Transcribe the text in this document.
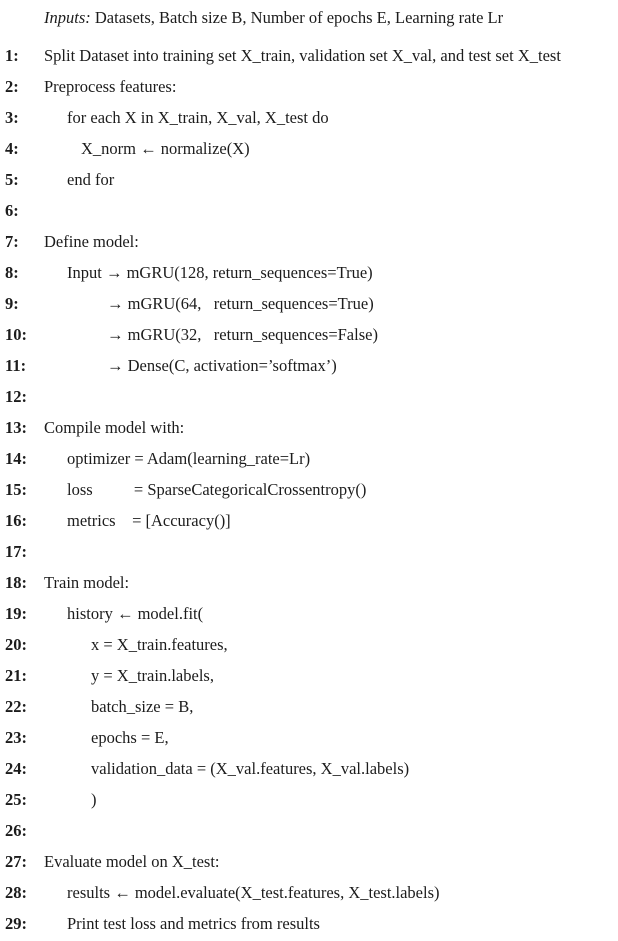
Inputs: Datasets, Batch size B, Number of epochs E, Learning rate Lr
1: Split Dataset into training set X_train, validation set X_val, and test set X_test
2: Preprocess features:
3:	for each X in X_train, X_val, X_test do
4:	X_norm ← normalize(X)
5:	end for
6:
7: Define model:
8:	Input → mGRU(128, return_sequences=True)
9:	→ mGRU(64,   return_sequences=True)
10:	→ mGRU(32,   return_sequences=False)
11:	→ Dense(C, activation=’softmax’)
12:
13: Compile model with:
14: optimizer = Adam(learning_rate=Lr)
15: loss          = SparseCategoricalCrossentropy()
16: metrics    = [Accuracy()]
17:
18: Train model:
19: history ← model.fit(
20:	x = X_train.features,
21:	y = X_train.labels,
22:	batch_size = B,
23:	epochs = E,
24:	validation_data = (X_val.features, X_val.labels)
25:	)
26:
27: Evaluate model on X_test:
28: results ← model.evaluate(X_test.features, X_test.labels)
29: Print test loss and metrics from results
